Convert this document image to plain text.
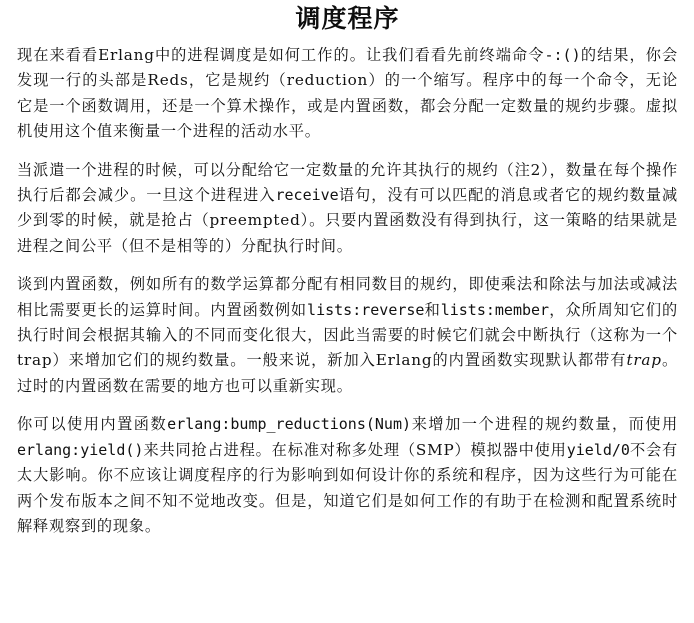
调度程序

现在来看看Erlang中的进程调度是如何工作的。让我们看看先前终端命令-:()的结果，你会发现一行的头部是Reds，它是规约（reduction）的一个缩写。程序中的每一个命令，无论它是一个函数调用，还是一个算术操作，或是内置函数，都会分配一定数量的规约步骤。虚拟机使用这个值来衡量一个进程的活动水平。

当派遣一个进程的时候，可以分配给它一定数量的允许其执行的规约（注2），数量在每个操作执行后都会减少。一旦这个进程进入receive语句，没有可以匹配的消息或者它的规约数量减少到零的时候，就是抢占（preempted）。只要内置函数没有得到执行，这一策略的结果就是进程之间公平（但不是相等的）分配执行时间。

谈到内置函数，例如所有的数学运算都分配有相同数目的规约，即使乘法和除法与加法或减法相比需要更长的运算时间。内置函数例如lists:reverse和lists:member，众所周知它们的执行时间会根据其输入的不同而变化很大，因此当需要的时候它们就会中断执行（这称为一个trap）来增加它们的规约数量。一般来说，新加入Erlang的内置函数实现默认都带有trap。过时的内置函数在需要的地方也可以重新实现。

你可以使用内置函数erlang:bump_reductions(Num)来增加一个进程的规约数量，而使用erlang:yield()来共同抢占进程。在标准对称多处理（SMP）模拟器中使用yield/0不会有太大影响。你不应该让调度程序的行为影响到如何设计你的系统和程序，因为这些行为可能在两个发布版本之间不知不觉地改变。但是，知道它们是如何工作的有助于在检测和配置系统时解释观察到的现象。
